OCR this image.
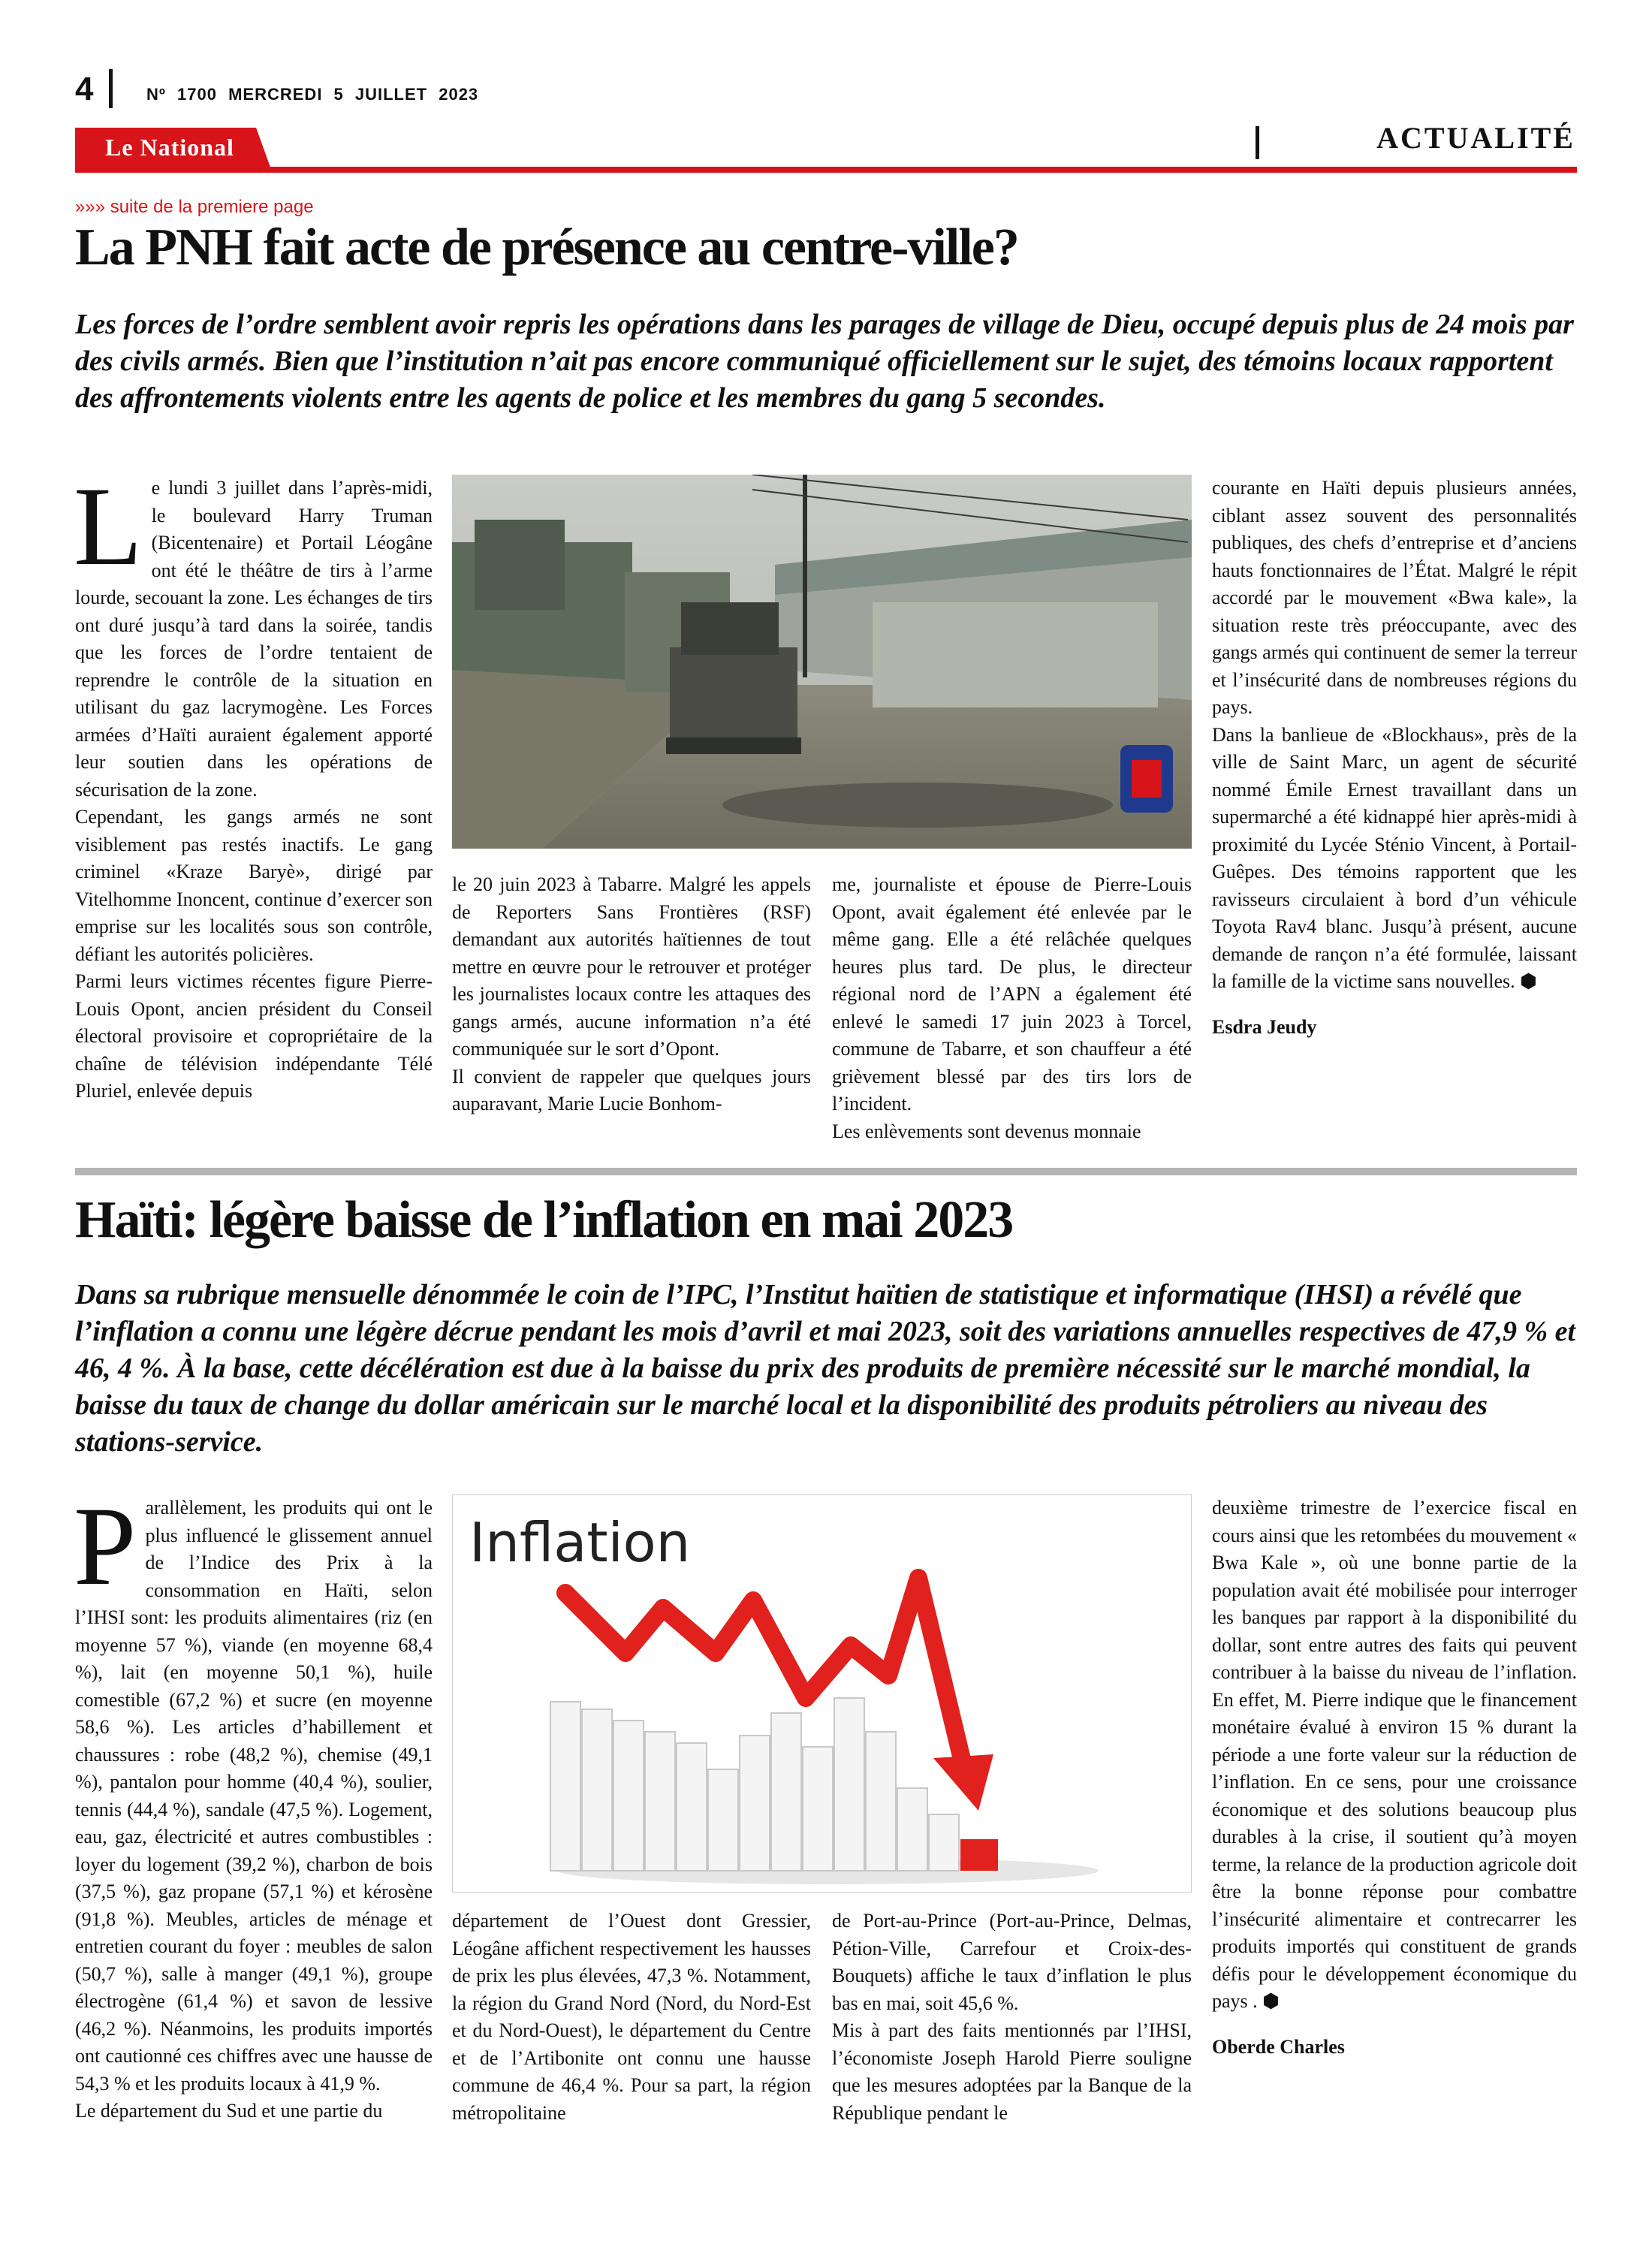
4	Nº 1700 MERCREDI 5 JUILLET 2023
Le National	ACTUALITÉ
»»» suite de la premiere page
La PNH fait acte de présence au centre-ville?
Les forces de l’ordre semblent avoir repris les opérations dans les parages de village de Dieu, occupé depuis plus de 24 mois par des civils armés. Bien que l’institution n’ait pas encore communiqué officiellement sur le sujet, des témoins locaux rapportent des affrontements violents entre les agents de police et les membres du gang 5 secondes.
L e lundi 3 juillet dans l’après-midi, le boulevard Harry Truman (Bicentenaire) et Portail Léogâne ont été le théâtre de tirs à l’arme lourde, secouant la zone. Les échanges de tirs ont duré jusqu’à tard dans la soirée, tandis que les forces de l’ordre tentaient de reprendre le contrôle de la situation en utilisant du gaz lacrymogène. Les Forces armées d’Haïti auraient également apporté leur soutien dans les opérations de sécurisation de la zone.

Cependant, les gangs armés ne sont visiblement pas restés inactifs. Le gang criminel «Kraze Baryè», dirigé par Vitelhomme Inoncent, continue d’exercer son emprise sur les localités sous son contrôle, défiant les autorités policières.

Parmi leurs victimes récentes figure Pierre-Louis Opont, ancien président du Conseil électoral provisoire et copropriétaire de la chaîne de télévision indépendante Télé Pluriel, enlevée depuis

le 20 juin 2023 à Tabarre. Malgré les appels de Reporters Sans Frontières (RSF) demandant aux autorités haïtiennes de tout mettre en œuvre pour le retrouver et protéger les journalistes locaux contre les attaques des gangs armés, aucune information n’a été communiquée sur le sort d’Opont.

Il convient de rappeler que quelques jours auparavant, Marie Lucie Bonhom-

me, journaliste et épouse de Pierre-Louis Opont, avait également été enlevée par le même gang. Elle a été relâchée quelques heures plus tard. De plus, le directeur régional nord de l’APN a également été enlevé le samedi 17 juin 2023 à Torcel, commune de Tabarre, et son chauffeur a été grièvement blessé par des tirs lors de l’incident.

Les enlèvements sont devenus monnaie

courante en Haïti depuis plusieurs années, ciblant assez souvent des personnalités publiques, des chefs d’entreprise et d’anciens hauts fonctionnaires de l’État. Malgré le répit accordé par le mouvement «Bwa kale», la situation reste très préoccupante, avec des gangs armés qui continuent de semer la terreur et l’insécurité dans de nombreuses régions du pays.

Dans la banlieue de «Blockhaus», près de la ville de Saint Marc, un agent de sécurité nommé Émile Ernest travaillant dans un supermarché a été kidnappé hier après-midi à proximité du Lycée Sténio Vincent, à Portail-Guêpes. Des témoins rapportent que les ravisseurs circulaient à bord d’un véhicule Toyota Rav4 blanc. Jusqu’à présent, aucune demande de rançon n’a été formulée, laissant la famille de la victime sans nouvelles. ⬢

Esdra Jeudy

Haïti: légère baisse de l’inflation en mai 2023
Dans sa rubrique mensuelle dénommée le coin de l’IPC, l’Institut haïtien de statistique et informatique (IHSI) a révélé que l’inflation a connu une légère décrue pendant les mois d’avril et mai 2023, soit des variations annuelles respectives de 47,9 % et 46, 4 %. À la base, cette décélération est due à la baisse du prix des produits de première nécessité sur le marché mondial, la baisse du taux de change du dollar américain sur le marché local et la disponibilité des produits pétroliers au niveau des stations-service.
P arallèlement, les produits qui ont le plus influencé le glissement annuel de l’Indice des Prix à la consommation en Haïti, selon l’IHSI sont: les produits alimentaires (riz (en moyenne 57 %), viande (en moyenne 68,4 %), lait (en moyenne 50,1 %), huile comestible (67,2 %) et sucre (en moyenne 58,6 %). Les articles d’habillement et chaussures : robe (48,2 %), chemise (49,1 %), pantalon pour homme (40,4 %), soulier, tennis (44,4 %), sandale (47,5 %). Logement, eau, gaz, électricité et autres combustibles : loyer du logement (39,2 %), charbon de bois (37,5 %), gaz propane (57,1 %) et kérosène (91,8 %). Meubles, articles de ménage et entretien courant du foyer : meubles de salon (50,7 %), salle à manger (49,1 %), groupe électrogène (61,4 %) et savon de lessive (46,2 %). Néanmoins, les produits importés ont cautionné ces chiffres avec une hausse de 54,3 % et les produits locaux à 41,9 %.

Le département du Sud et une partie du

Inflation

département de l’Ouest dont Gressier, Léogâne affichent respectivement les hausses de prix les plus élevées, 47,3 %. Notamment, la région du Grand Nord (Nord, du Nord-Est et du Nord-Ouest), le département du Centre et de l’Artibonite ont connu une hausse commune de 46,4 %. Pour sa part, la région métropolitaine

de Port-au-Prince (Port-au-Prince, Delmas, Pétion-Ville, Carrefour et Croix-des-Bouquets) affiche le taux d’inflation le plus bas en mai, soit 45,6 %.

Mis à part des faits mentionnés par l’IHSI, l’économiste Joseph Harold Pierre souligne que les mesures adoptées par la Banque de la République pendant le

deuxième trimestre de l’exercice fiscal en cours ainsi que les retombées du mouvement « Bwa Kale », où une bonne partie de la population avait été mobilisée pour interroger les banques par rapport à la disponibilité du dollar, sont entre autres des faits qui peuvent contribuer à la baisse du niveau de l’inflation. En effet, M. Pierre indique que le financement monétaire évalué à environ 15 % durant la période a une forte valeur sur la réduction de l’inflation. En ce sens, pour une croissance économique et des solutions beaucoup plus durables à la crise, il soutient qu’à moyen terme, la relance de la production agricole doit être la bonne réponse pour combattre l’insécurité alimentaire et contrecarrer les produits importés qui constituent de grands défis pour le développement économique du pays . ⬢

Oberde Charles
